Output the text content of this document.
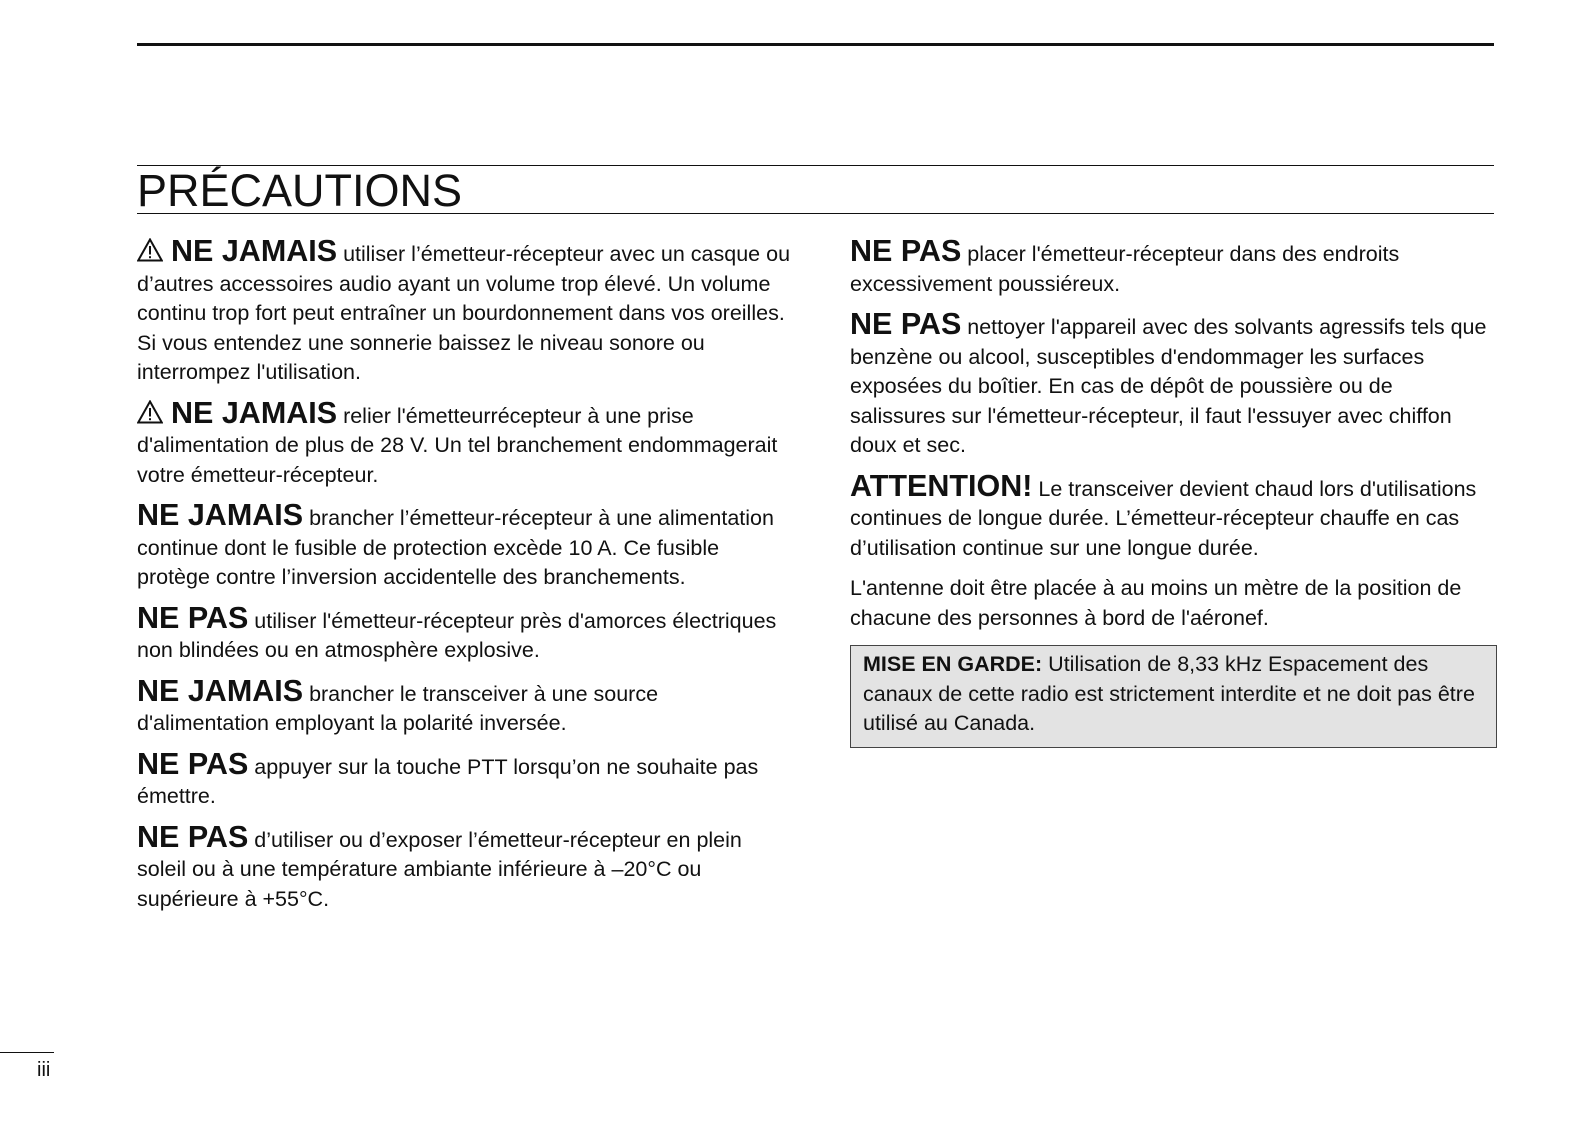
PRÉCAUTIONS

NE JAMAIS utiliser l’émetteur-récepteur avec un casque ou d’autres accessoires audio ayant un volume trop élevé. Un volume continu trop fort peut entraîner un bourdonnement dans vos oreilles. Si vous entendez une sonnerie baissez le niveau sonore ou interrompez l'utilisation.

NE JAMAIS relier l'émetteurrécepteur à une prise d'alimentation de plus de 28 V. Un tel branchement endommagerait votre émetteur-récepteur.

NE JAMAIS brancher l’émetteur-récepteur à une alimentation continue dont le fusible de protection excède 10 A. Ce fusible protège contre l’inversion accidentelle des branchements.

NE PAS utiliser l'émetteur-récepteur près d'amorces électriques non blindées ou en atmosphère explosive.

NE JAMAIS brancher le transceiver à une source d'alimentation employant la polarité inversée.

NE PAS appuyer sur la touche PTT lorsqu’on ne souhaite pas émettre.

NE PAS d’utiliser ou d’exposer l’émetteur-récepteur en plein soleil ou à une température ambiante inférieure à –20°C ou supérieure à +55°C.

NE PAS placer l'émetteur-récepteur dans des endroits excessivement poussiéreux.

NE PAS nettoyer l'appareil avec des solvants agressifs tels que benzène ou alcool, susceptibles d'endommager les surfaces exposées du boîtier. En cas de dépôt de poussière ou de salissures sur l'émetteur-récepteur, il faut l'essuyer avec chiffon doux et sec.

ATTENTION! Le transceiver devient chaud lors d'utilisations continues de longue durée. L’émetteur-récepteur chauffe en cas d’utilisation continue sur une longue durée.

L'antenne doit être placée à au moins un mètre de la position de chacune des personnes à bord de l'aéronef.

MISE EN GARDE: Utilisation de 8,33 kHz Espacement des canaux de cette radio est strictement interdite et ne doit pas être utilisé au Canada.
iii
